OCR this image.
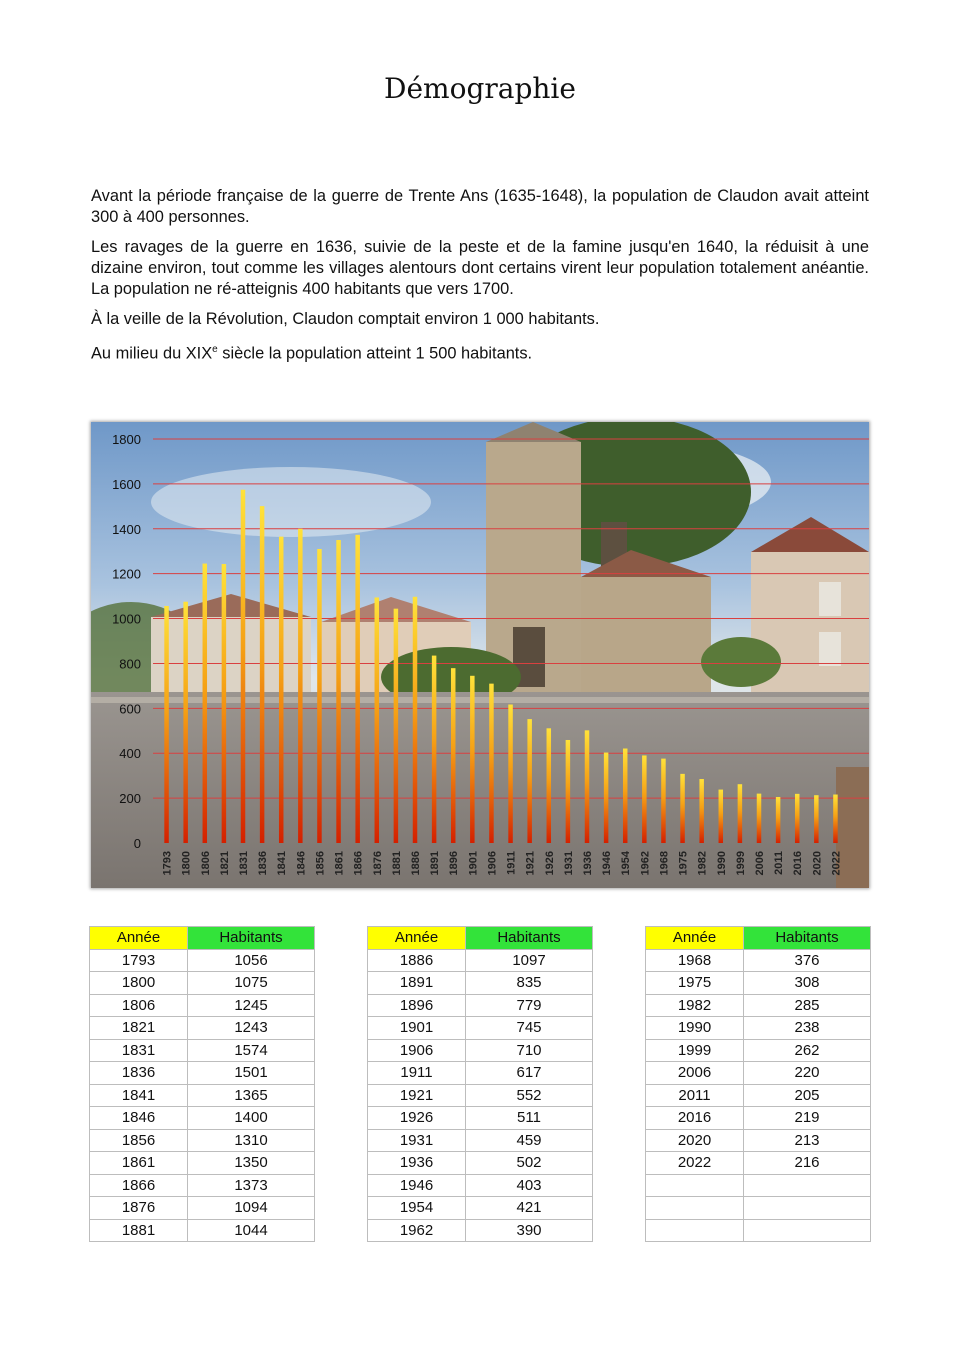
Démographie

Avant la période française de la guerre de Trente Ans (1635-1648), la population de Claudon avait atteint 300 à 400 personnes.

Les ravages de la guerre en 1636, suivie de la peste et de la famine jusqu'en 1640, la réduisit à une dizaine environ, tout comme les villages alentours dont certains virent leur population totalement anéantie. La population ne ré-atteignis 400 habitants que vers 1700.

À la veille de la Révolution, Claudon comptait environ 1 000 habitants.

Au milieu du XIXe siècle la population atteint 1 500 habitants.

0
200
400
600
800
1000
1200
1400
1600
1800
1793 1800 1806 1821 1831 1836 1841 1846 1856 1861 1866 1876 1881 1886 1891 1896 1901 1906 1911 1921 1926 1931 1936 1946 1954 1962 1968 1975 1982 1990 1999 2006 2011 2016 2020 2022
Année	Habitants
1793	1056
1800	1075
1806	1245
1821	1243
1831	1574
1836	1501
1841	1365
1846	1400
1856	1310
1861	1350
1866	1373
1876	1094
1881	1044
Année	Habitants
1886	1097
1891	835
1896	779
1901	745
1906	710
1911	617
1921	552
1926	511
1931	459
1936	502
1946	403
1954	421
1962	390
Année	Habitants
1968	376
1975	308
1982	285
1990	238
1999	262
2006	220
2011	205
2016	219
2020	213
2022	216
